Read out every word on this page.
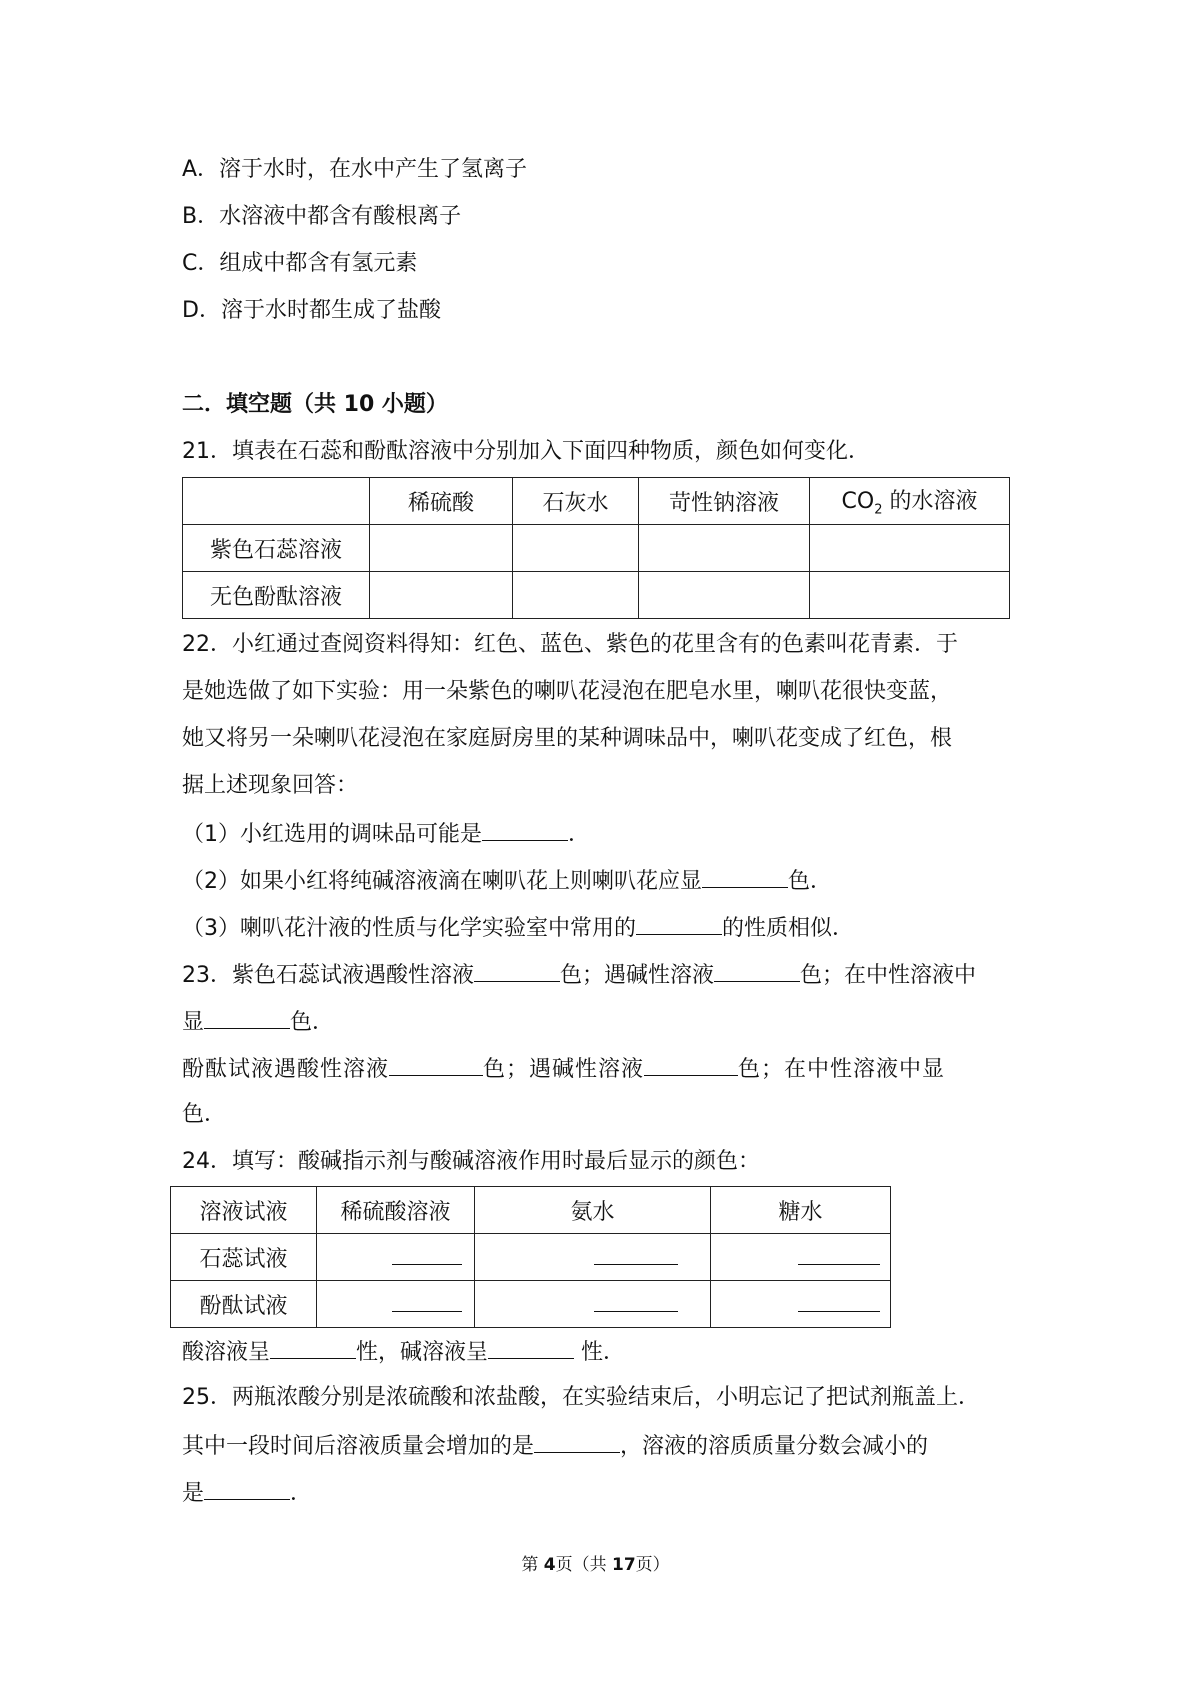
A．溶于水时，在水中产生了氢离子
B．水溶液中都含有酸根离子
C．组成中都含有氢元素
D．溶于水时都生成了盐酸
二．填空题（共 10 小题）
21．填表在石蕊和酚酞溶液中分别加入下面四种物质，颜色如何变化．
	稀硫酸	石灰水	苛性钠溶液	$CO_2$ 的水溶液
紫色石蕊溶液				
无色酚酞溶液				
22．小红通过查阅资料得知：红色、蓝色、紫色的花里含有的色素叫花青素．于
是她选做了如下实验：用一朵紫色的喇叭花浸泡在肥皂水里，喇叭花很快变蓝，
她又将另一朵喇叭花浸泡在家庭厨房里的某种调味品中，喇叭花变成了红色，根
据上述现象回答：
（1）小红选用的调味品可能是	．
（2）如果小红将纯碱溶液滴在喇叭花上则喇叭花应显	色．
（3）喇叭花汁液的性质与化学实验室中常用的	的性质相似．
23．紫色石蕊试液遇酸性溶液	色；遇碱性溶液	色；在中性溶液中
显	色．
酚酞试液遇酸性溶液	色；遇碱性溶液	色；在中性溶液中显
色．
24．填写：酸碱指示剂与酸碱溶液作用时最后显示的颜色：
溶液试液	稀硫酸溶液	氨水	糖水
石蕊试液			
酚酞试液			
酸溶液呈	性，碱溶液呈	性．
25．两瓶浓酸分别是浓硫酸和浓盐酸，在实验结束后，小明忘记了把试剂瓶盖上．
其中一段时间后溶液质量会增加的是	，溶液的溶质质量分数会减小的
是	．
第 4页（共 17页）
